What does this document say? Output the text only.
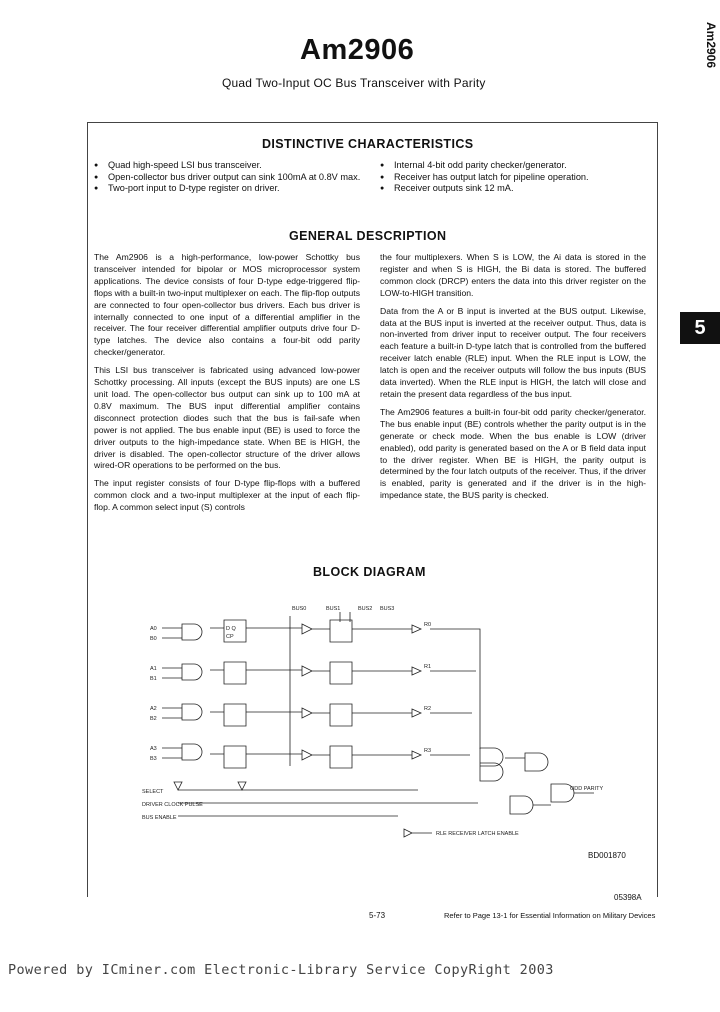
Am2906
Quad Two-Input OC Bus Transceiver with Parity
Am2906
5
DISTINCTIVE CHARACTERISTICS
● Quad high-speed LSI bus transceiver.
● Open-collector bus driver output can sink 100mA at 0.8V max.
● Two-port input to D-type register on driver.
● Internal 4-bit odd parity checker/generator.
● Receiver has output latch for pipeline operation.
● Receiver outputs sink 12 mA.
GENERAL DESCRIPTION

The Am2906 is a high-performance, low-power Schottky bus transceiver intended for bipolar or MOS microprocessor system applications. The device consists of four D-type edge-triggered flip-flops with a built-in two-input multiplexer on each. The flip-flop outputs are connected to four open-collector bus drivers. Each bus driver is internally connected to one input of a differential amplifier in the receiver. The four receiver differential amplifier outputs drive four D-type latches. The device also contains a four-bit odd parity checker/generator.

This LSI bus transceiver is fabricated using advanced low-power Schottky processing. All inputs (except the BUS inputs) are one LS unit load. The open-collector bus output can sink up to 100 mA at 0.8V maximum. The BUS input differential amplifier contains disconnect protection diodes such that the bus is fail-safe when power is not applied. The bus enable input (BE) is used to force the driver outputs to the high-impedance state. When BE is HIGH, the driver is disabled. The open-collector structure of the driver allows wired-OR operations to be performed on the bus.

The input register consists of four D-type flip-flops with a buffered common clock and a two-input multiplexer at the input of each flip-flop. A common select input (S) controls

the four multiplexers. When S is LOW, the Ai data is stored in the register and when S is HIGH, the Bi data is stored. The buffered common clock (DRCP) enters the data into this driver register on the LOW-to-HIGH transition.

Data from the A or B input is inverted at the BUS output. Likewise, data at the BUS input is inverted at the receiver output. Thus, data is non-inverted from driver input to receiver output. The four receivers each feature a built-in D-type latch that is controlled from the buffered receiver latch enable (RLE) input. When the RLE input is LOW, the latch is open and the receiver outputs will follow the bus inputs (BUS data inverted). When the RLE input is HIGH, the latch will close and retain the present data regardless of the bus input.

The Am2906 features a built-in four-bit odd parity checker/generator. The bus enable input (BE) controls whether the parity output is in the generate or check mode. When the bus enable is LOW (driver enabled), odd parity is generated based on the A or B field data input to the driver register. When BE is HIGH, the parity output is determined by the four latch outputs of the receiver. Thus, if the driver is enabled, parity is generated and if the driver is in the high-impedance state, the BUS parity is checked.

BLOCK DIAGRAM
BUS0	BUS1	BUS2 BUS3
A0
B0
A1
B1
A2
B2
A3
B3
D Q
CP
R0
R1
R2
R3
SELECT
DRIVER CLOCK PULSE
BUS ENABLE
RLE RECEIVER LATCH ENABLE
ODD PARITY
BD001870
05398A
5-73	Refer to Page 13-1 for Essential Information on Military Devices
Powered by ICminer.com Electronic-Library Service CopyRight 2003
